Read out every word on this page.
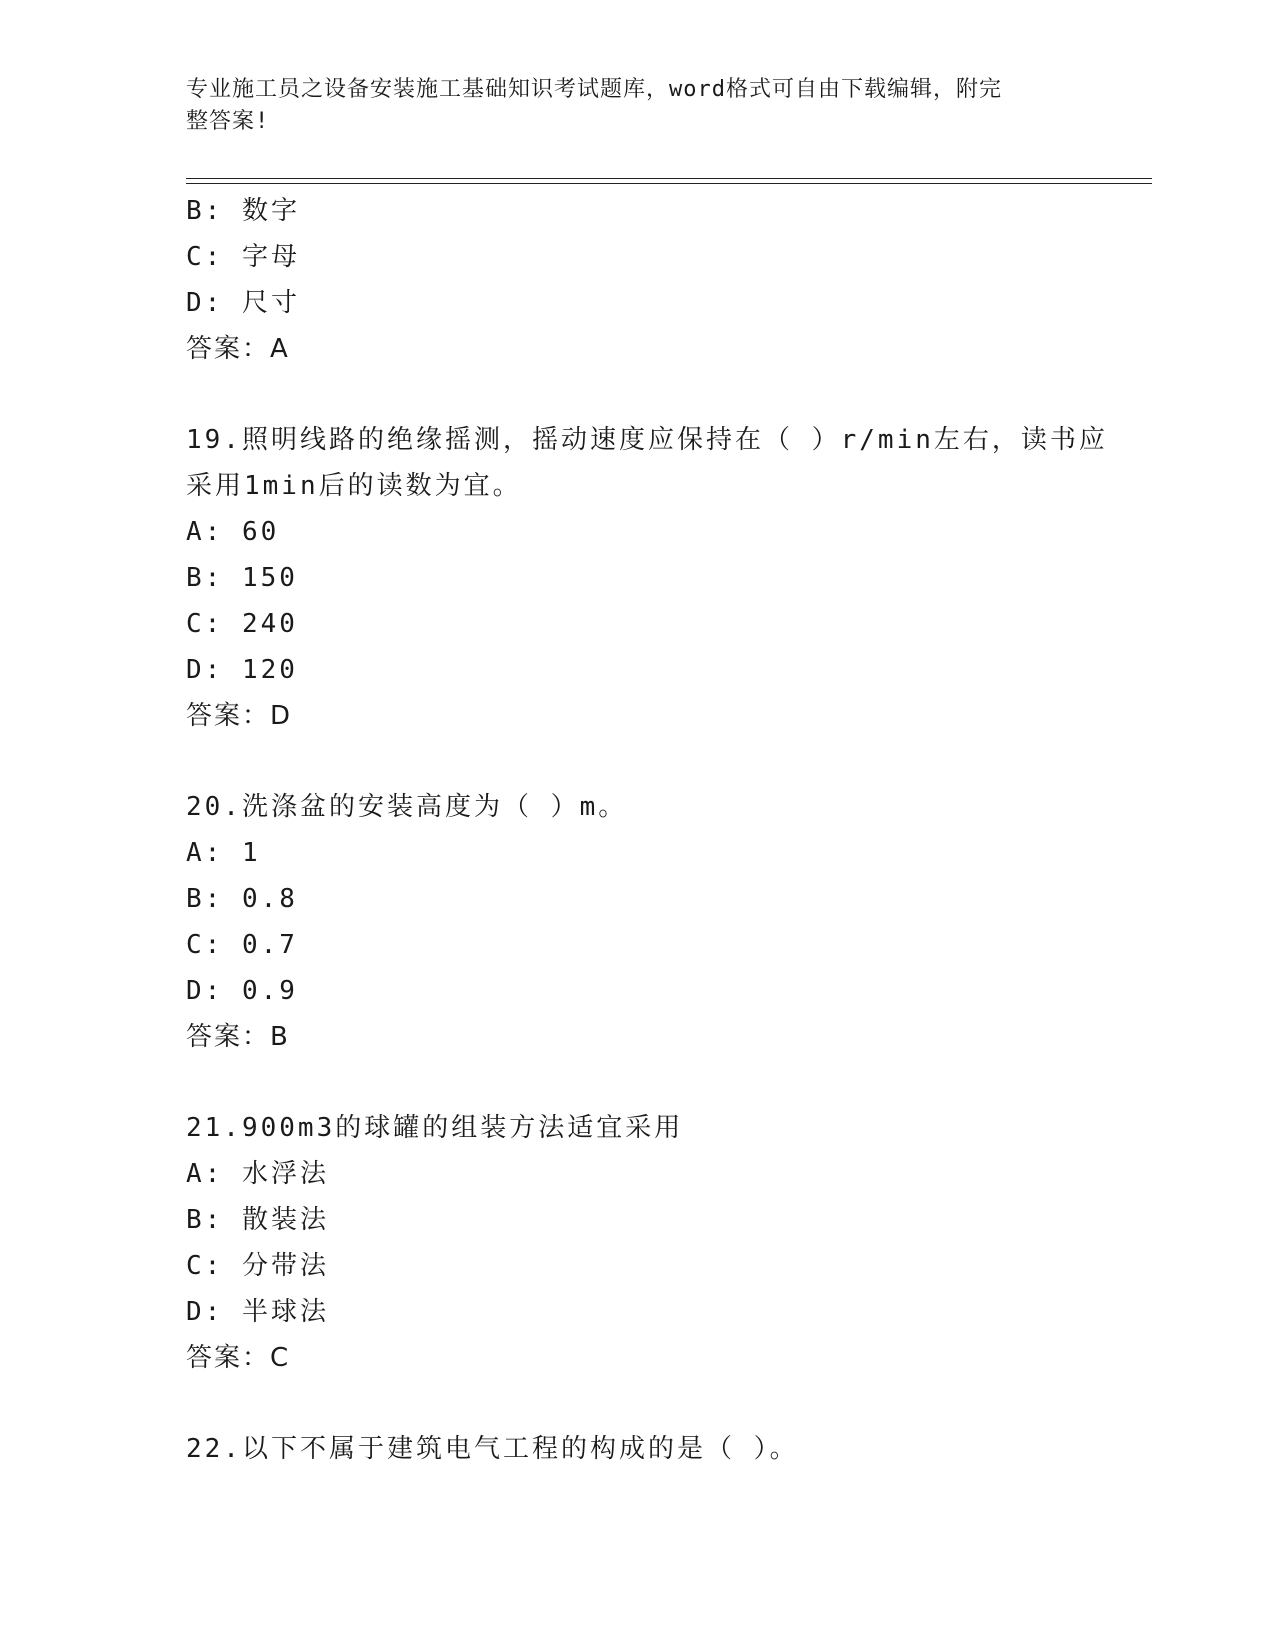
专业施工员之设备安装施工基础知识考试题库，word格式可自由下载编辑，附完
整答案!
B: 数字
C: 字母
D: 尺寸
答案：A
19.照明线路的绝缘摇测，摇动速度应保持在（ ）r/min左右，读书应
采用1min后的读数为宜。
A: 60
B: 150
C: 240
D: 120
答案：D
20.洗涤盆的安装高度为（ ）m。
A: 1
B: 0.8
C: 0.7
D: 0.9
答案：B
21.900m3的球罐的组装方法适宜采用
A: 水浮法
B: 散装法
C: 分带法
D: 半球法
答案：C
22.以下不属于建筑电气工程的构成的是（ ）。
